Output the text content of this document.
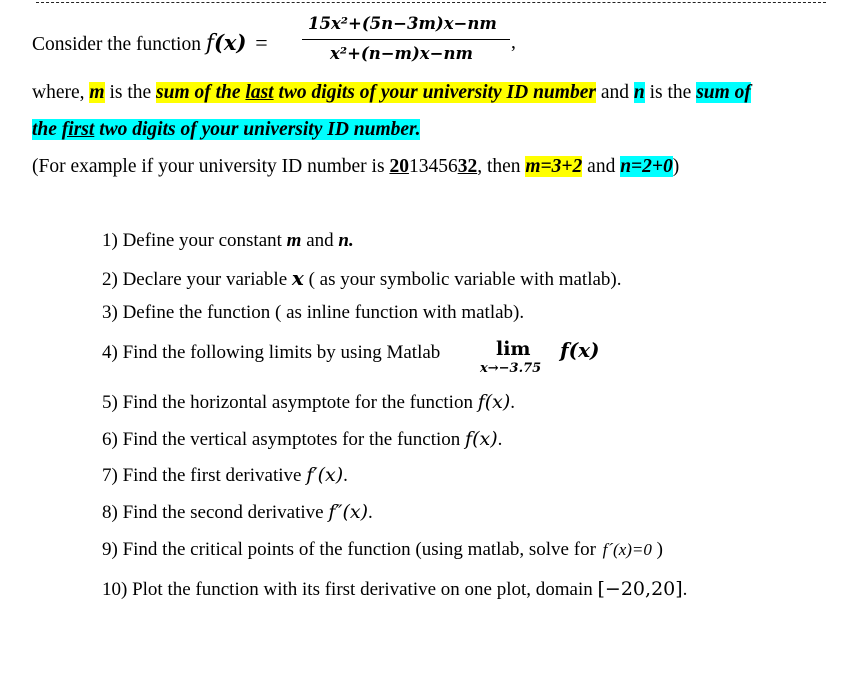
Consider the function f(x) =
15x²+(5n−3m)x−nm
x²+(n−m)x−nm
,
where, m is the sum of the last two digits of your university ID number and n is the sum of
the first two digits of your university ID number.
(For example if your university ID number is 201345632, then m=3+2 and n=2+0)
1) Define your constant m and n.
2) Declare your variable x ( as your symbolic variable with matlab).
3) Define the function ( as inline function with matlab).
4) Find the following limits by using Matlab	lim
x→−3.75
f(x)
5) Find the horizontal asymptote for the function f(x).
6) Find the vertical asymptotes for the function f(x).
7) Find the first derivative f′(x).
8) Find the second derivative f″(x).
9) Find the critical points of the function (using matlab, solve for f´(x)=0 )
10) Plot the function with its first derivative on one plot, domain [−20,20].
